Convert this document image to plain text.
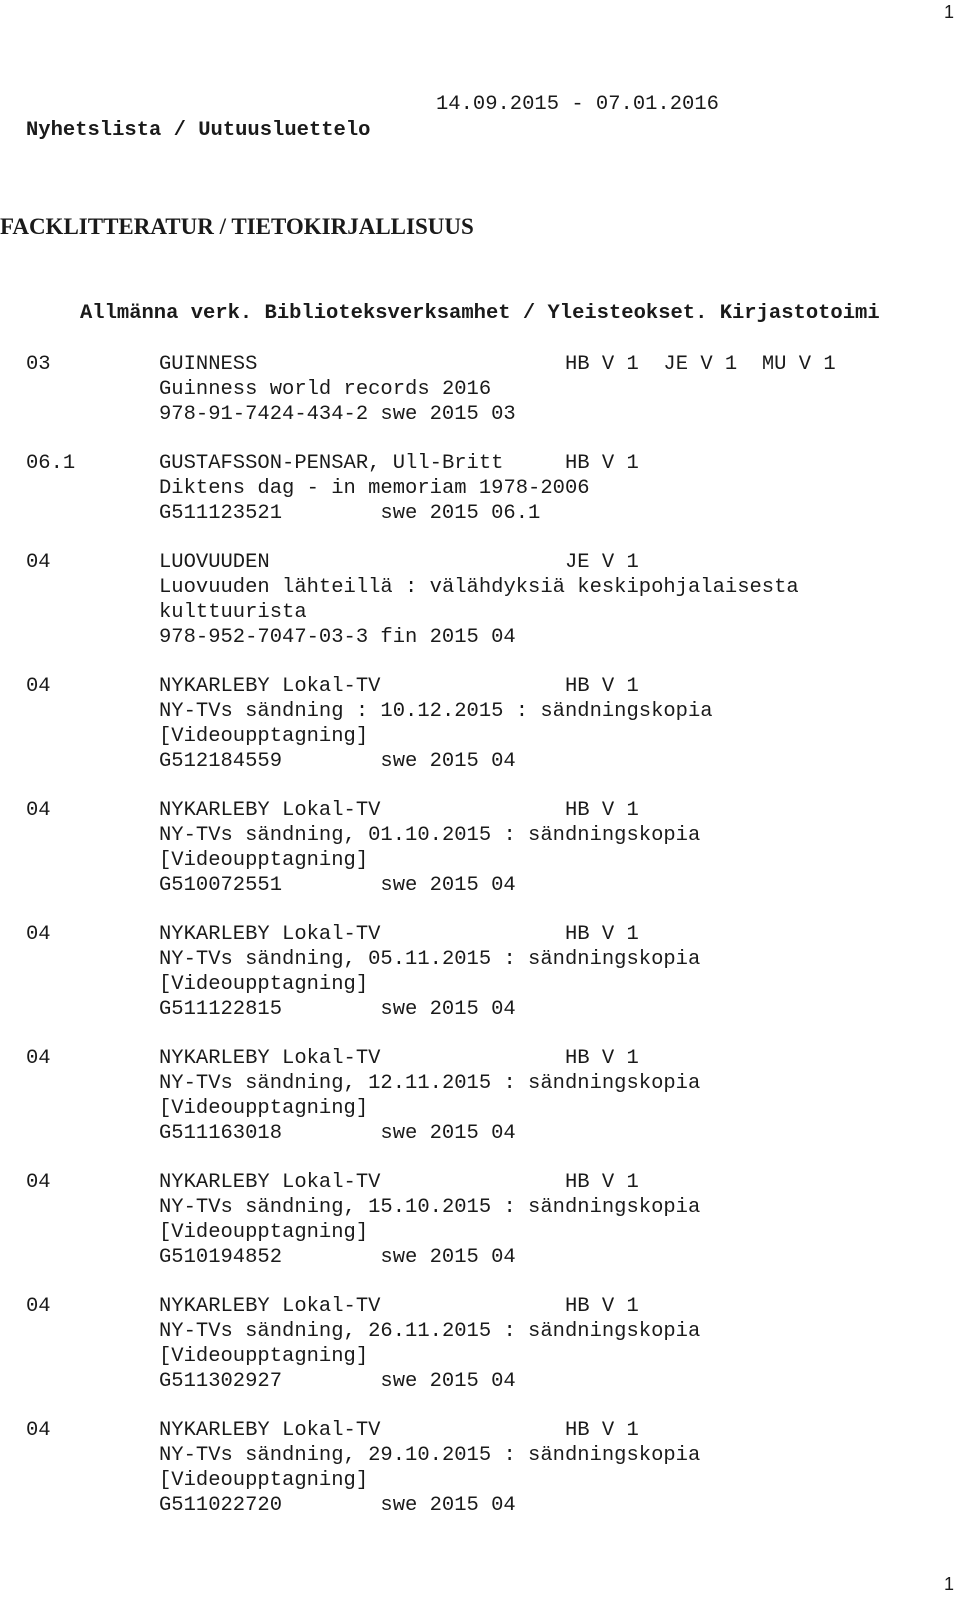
1
14.09.2015 - 07.01.2016
Nyhetslista / Uutuusluettelo
FACKLITTERATUR / TIETOKIRJALLISUUS
Allmänna verk. Biblioteksverksamhet / Yleisteokset. Kirjastotoimi
03	GUINNESS	HB V 1  JE V 1  MU V 1
Guinness world records 2016
978-91-7424-434-2 swe 2015 03
06.1	GUSTAFSSON-PENSAR, Ull-Britt	HB V 1
Diktens dag - in memoriam 1978-2006
G511123521	swe 2015 06.1
04	LUOVUUDEN	JE V 1
Luovuuden lähteillä : välähdyksiä keskipohjalaisesta
kulttuurista
978-952-7047-03-3 fin 2015 04
04	NYKARLEBY Lokal-TV	HB V 1
NY-TVs sändning : 10.12.2015 : sändningskopia
[Videoupptagning]
G512184559	swe 2015 04
04	NYKARLEBY Lokal-TV	HB V 1
NY-TVs sändning, 01.10.2015 : sändningskopia
[Videoupptagning]
G510072551	swe 2015 04
04	NYKARLEBY Lokal-TV	HB V 1
NY-TVs sändning, 05.11.2015 : sändningskopia
[Videoupptagning]
G511122815	swe 2015 04
04	NYKARLEBY Lokal-TV	HB V 1
NY-TVs sändning, 12.11.2015 : sändningskopia
[Videoupptagning]
G511163018	swe 2015 04
04	NYKARLEBY Lokal-TV	HB V 1
NY-TVs sändning, 15.10.2015 : sändningskopia
[Videoupptagning]
G510194852	swe 2015 04
04	NYKARLEBY Lokal-TV	HB V 1
NY-TVs sändning, 26.11.2015 : sändningskopia
[Videoupptagning]
G511302927	swe 2015 04
04	NYKARLEBY Lokal-TV	HB V 1
NY-TVs sändning, 29.10.2015 : sändningskopia
[Videoupptagning]
G511022720	swe 2015 04
1
